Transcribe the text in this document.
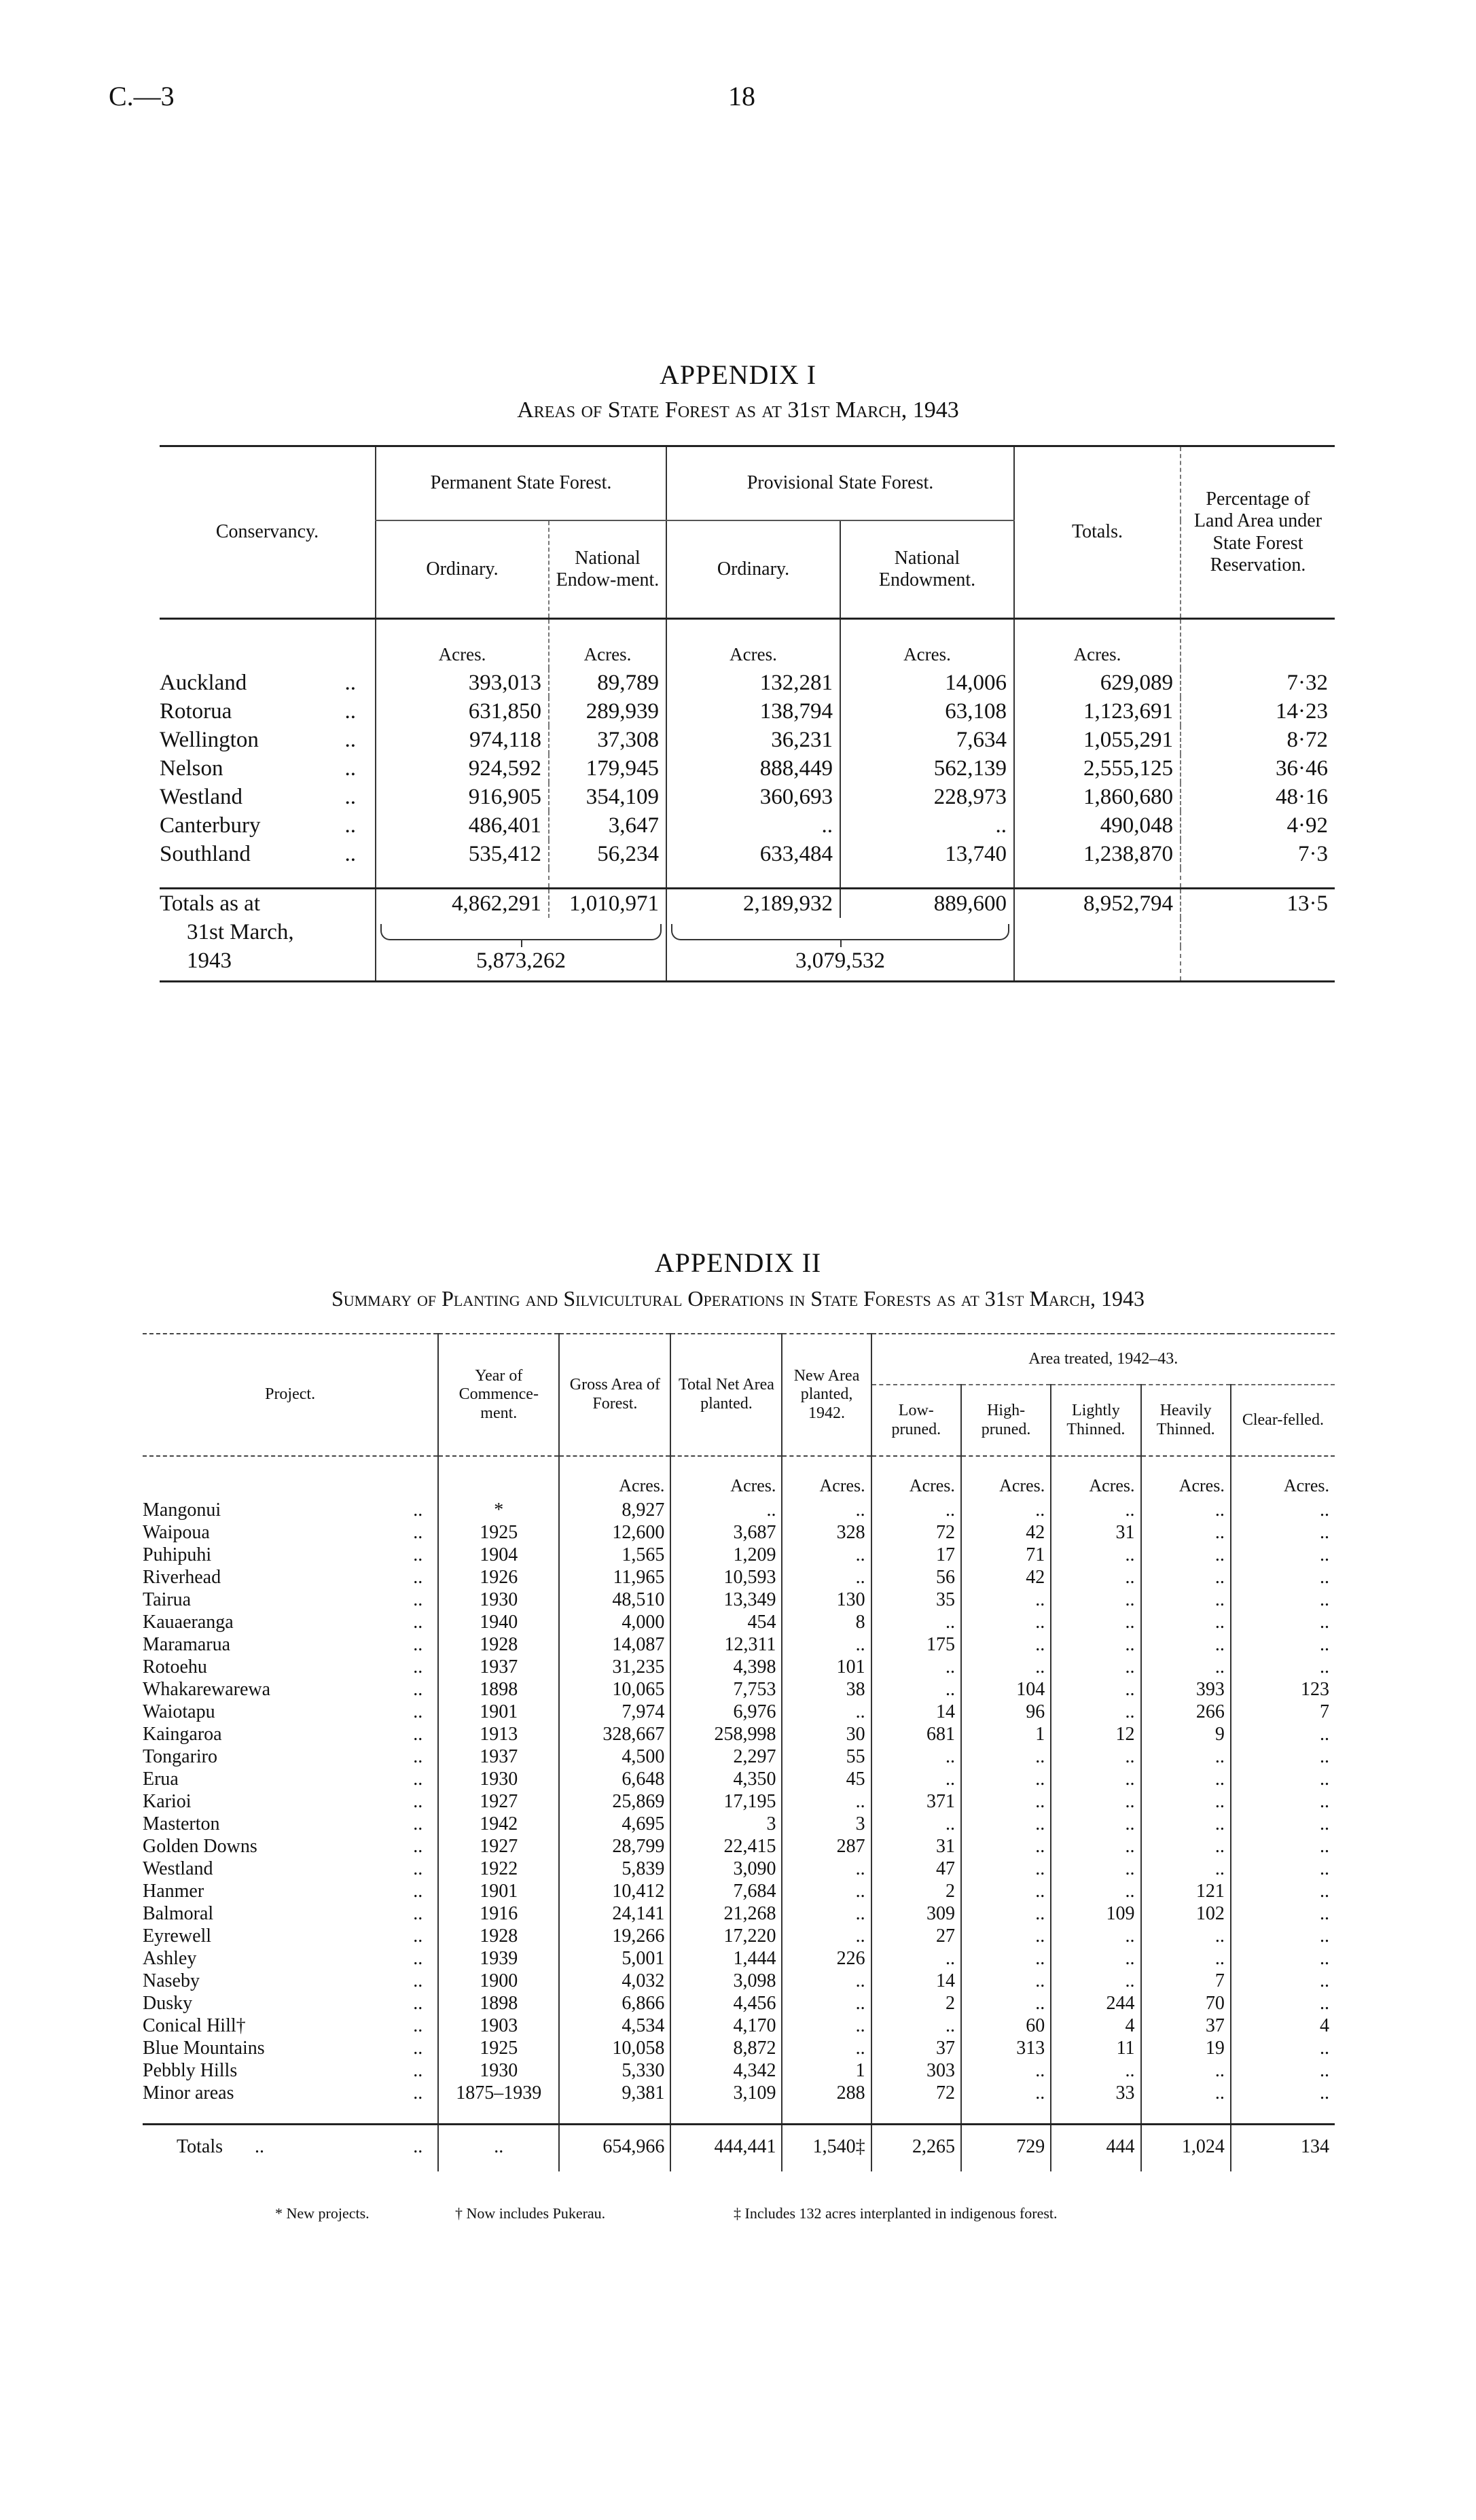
C.—3	18
APPENDIX I
Areas of State Forest as at 31st March, 1943
Conservancy.	Permanent State Forest.		Provisional State Forest.		Totals.	Percentage of Land Area under State Forest Reservation.
	Ordinary.	National Endow-ment.	Ordinary.	National Endowment.		
	Acres.	Acres.	Acres.	Acres.	Acres.	
Auckland ..	393,013	89,789	132,281	14,006	629,089	7·32
Rotorua ..	631,850	289,939	138,794	63,108	1,123,691	14·23
Wellington ..	974,118	37,308	36,231	7,634	1,055,291	8·72
Nelson ..	924,592	179,945	888,449	562,139	2,555,125	36·46
Westland ..	916,905	354,109	360,693	228,973	1,860,680	48·16
Canterbury ..	486,401	3,647	..	..	490,048	4·92
Southland ..	535,412	56,234	633,484	13,740	1,238,870	7·3

Totals as at	4,862,291	1,010,971	2,189,932	889,600	8,952,794	13·5
31st March,			

1943	5,873,262		3,079,532			
APPENDIX II
Summary of Planting and Silvicultural Operations in State Forests as at 31st March, 1943
Project.	Year of Commence-ment.	Gross Area of Forest.	Total Net Area planted.	New Area planted, 1942.	Area treated, 1942–43.				
					Low-pruned.	High-pruned.	Lightly Thinned.	Heavily Thinned.	Clear-felled.
		Acres.	Acres.	Acres.	Acres.	Acres.	Acres.	Acres.	Acres.
Mangonui ..	*	8,927	..	..	..	..	..	..	..
Waipoua ..	1925	12,600	3,687	328	72	42	31	..	..
Puhipuhi ..	1904	1,565	1,209	..	17	71	..	..	..
Riverhead ..	1926	11,965	10,593	..	56	42	..	..	..
Tairua ..	1930	48,510	13,349	130	35	..	..	..	..
Kauaeranga ..	1940	4,000	454	8	..	..	..	..	..
Maramarua ..	1928	14,087	12,311	..	175	..	..	..	..
Rotoehu ..	1937	31,235	4,398	101	..	..	..	..	..
Whakarewarewa ..	1898	10,065	7,753	38	..	104	..	393	123
Waiotapu ..	1901	7,974	6,976	..	14	96	..	266	7
Kaingaroa ..	1913	328,667	258,998	30	681	1	12	9	..
Tongariro ..	1937	4,500	2,297	55	..	..	..	..	..
Erua ..	1930	6,648	4,350	45	..	..	..	..	..
Karioi ..	1927	25,869	17,195	..	371	..	..	..	..
Masterton ..	1942	4,695	3	3	..	..	..	..	..
Golden Downs ..	1927	28,799	22,415	287	31	..	..	..	..
Westland ..	1922	5,839	3,090	..	47	..	..	..	..
Hanmer ..	1901	10,412	7,684	..	2	..	..	121	..
Balmoral ..	1916	24,141	21,268	..	309	..	109	102	..
Eyrewell ..	1928	19,266	17,220	..	27	..	..	..	..
Ashley ..	1939	5,001	1,444	226	..	..	..	..	..
Naseby ..	1900	4,032	3,098	..	14	..	..	7	..
Dusky ..	1898	6,866	4,456	..	2	..	244	70	..
Conical Hill† ..	1903	4,534	4,170	..	..	60	4	37	4
Blue Mountains ..	1925	10,058	8,872	..	37	313	11	19	..
Pebbly Hills ..	1930	5,330	4,342	1	303	..	..	..	..
Minor areas ..	1875–1939	9,381	3,109	288	72	..	33	..	..

Totals .. ..	..	654,966	444,441	1,540‡	2,265	729	444	1,024	134
* New projects.	† Now includes Pukerau.	‡ Includes 132 acres interplanted in indigenous forest.
